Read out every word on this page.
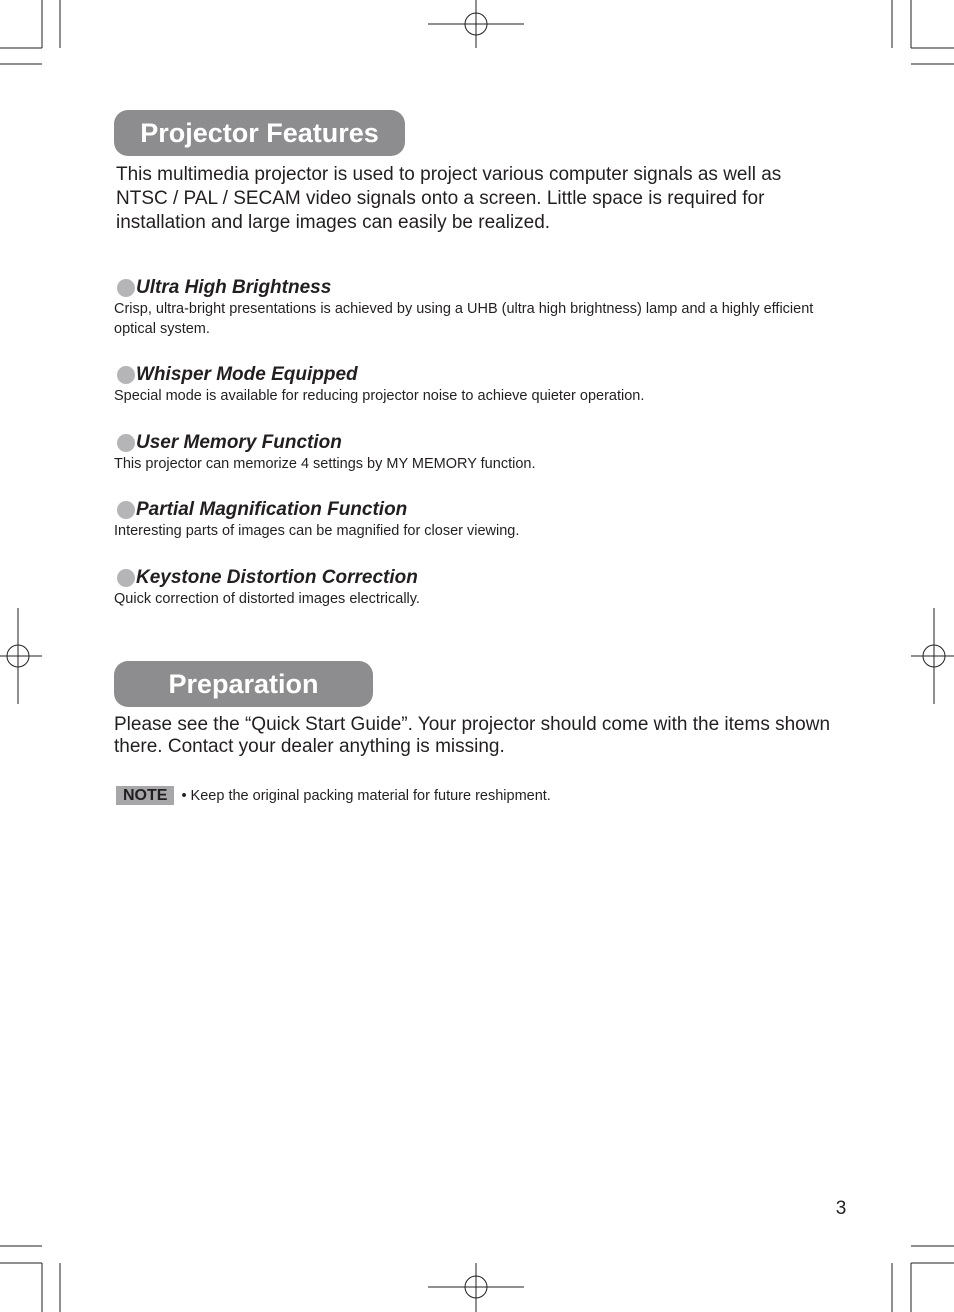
Projector Features

This multimedia projector is used to project various computer signals as well as NTSC / PAL / SECAM video signals onto a screen. Little space is required for installation and large images can easily be realized.

Ultra High Brightness

Crisp, ultra-bright presentations is achieved by using a UHB (ultra high brightness) lamp and a highly efficient optical system.

Whisper Mode Equipped

Special mode is available for reducing projector noise to achieve quieter operation.

User Memory Function

This projector can memorize 4 settings by MY MEMORY function.

Partial Magnification Function

Interesting parts of images can be magnified for closer viewing.

Keystone Distortion Correction

Quick correction of distorted images electrically.

Preparation

Please see the “Quick Start Guide”. Your projector should come with the items shown there. Contact your dealer anything is missing.

NOTE • Keep the original packing material for future reshipment.
3
